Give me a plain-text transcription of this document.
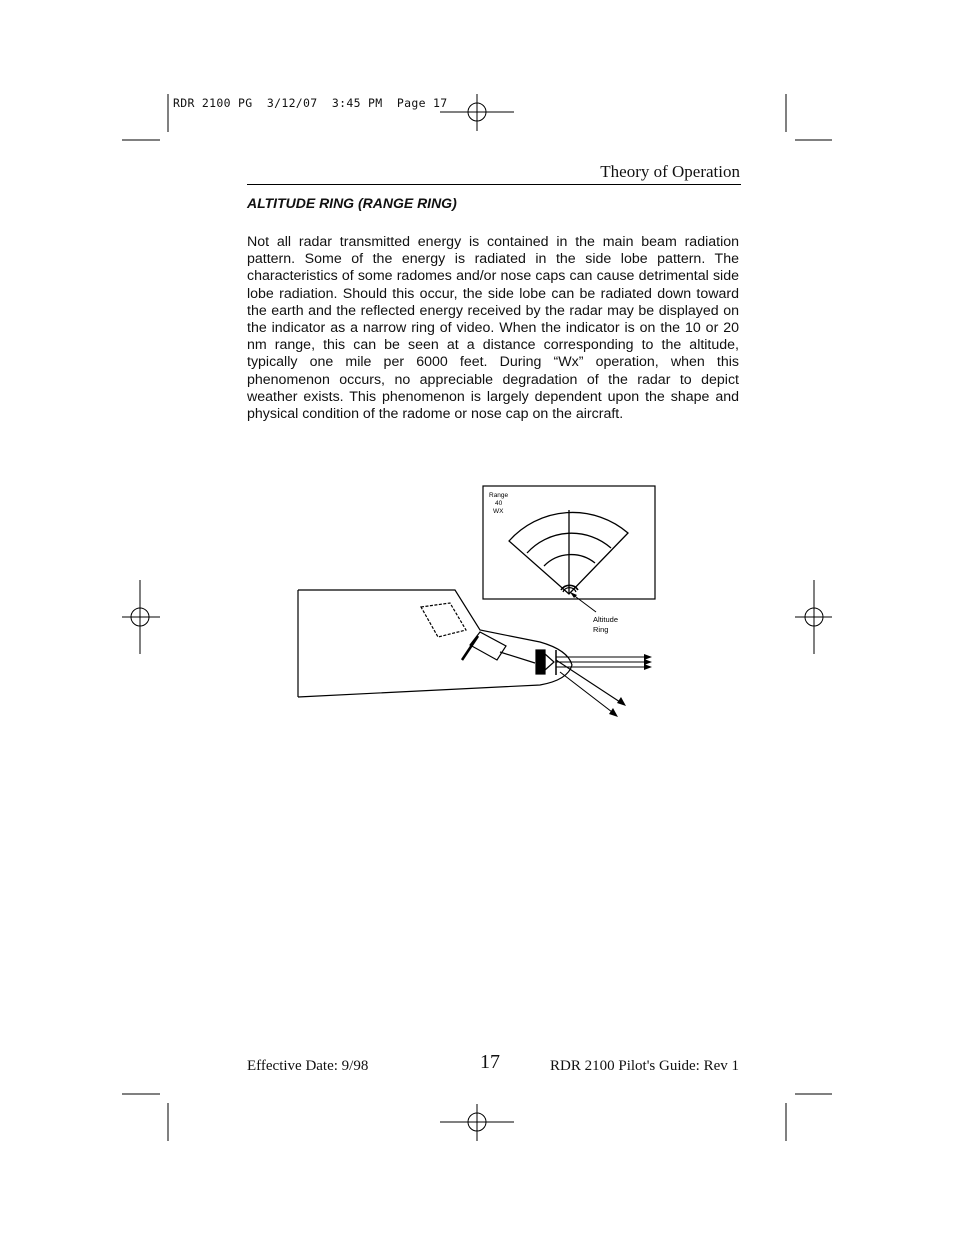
RDR 2100 PG  3/12/07  3:45 PM  Page 17
Theory of Operation
ALTITUDE RING (RANGE RING)
Not all radar transmitted energy is contained in the main beam radiation pattern. Some of the energy is radiated in the side lobe pattern. The characteristics of some radomes and/or nose caps can cause detrimental side lobe radiation. Should this occur, the side lobe can be radiated down toward the earth and the reflected energy received by the radar may be displayed on the indicator as a narrow ring of video. When the indicator is on the 10 or 20 nm range, this can be seen at a distance corresponding to the altitude, typically one mile per 6000 feet. During “Wx” operation, when this phenomenon occurs, no appreciable degradation of the radar to depict weather exists. This phenomenon is largely dependent upon the shape and physical condition of the radome or nose cap on the aircraft.
Range
40
WX
Altitude
Ring
Effective Date: 9/98	17	RDR 2100 Pilot's Guide: Rev 1
